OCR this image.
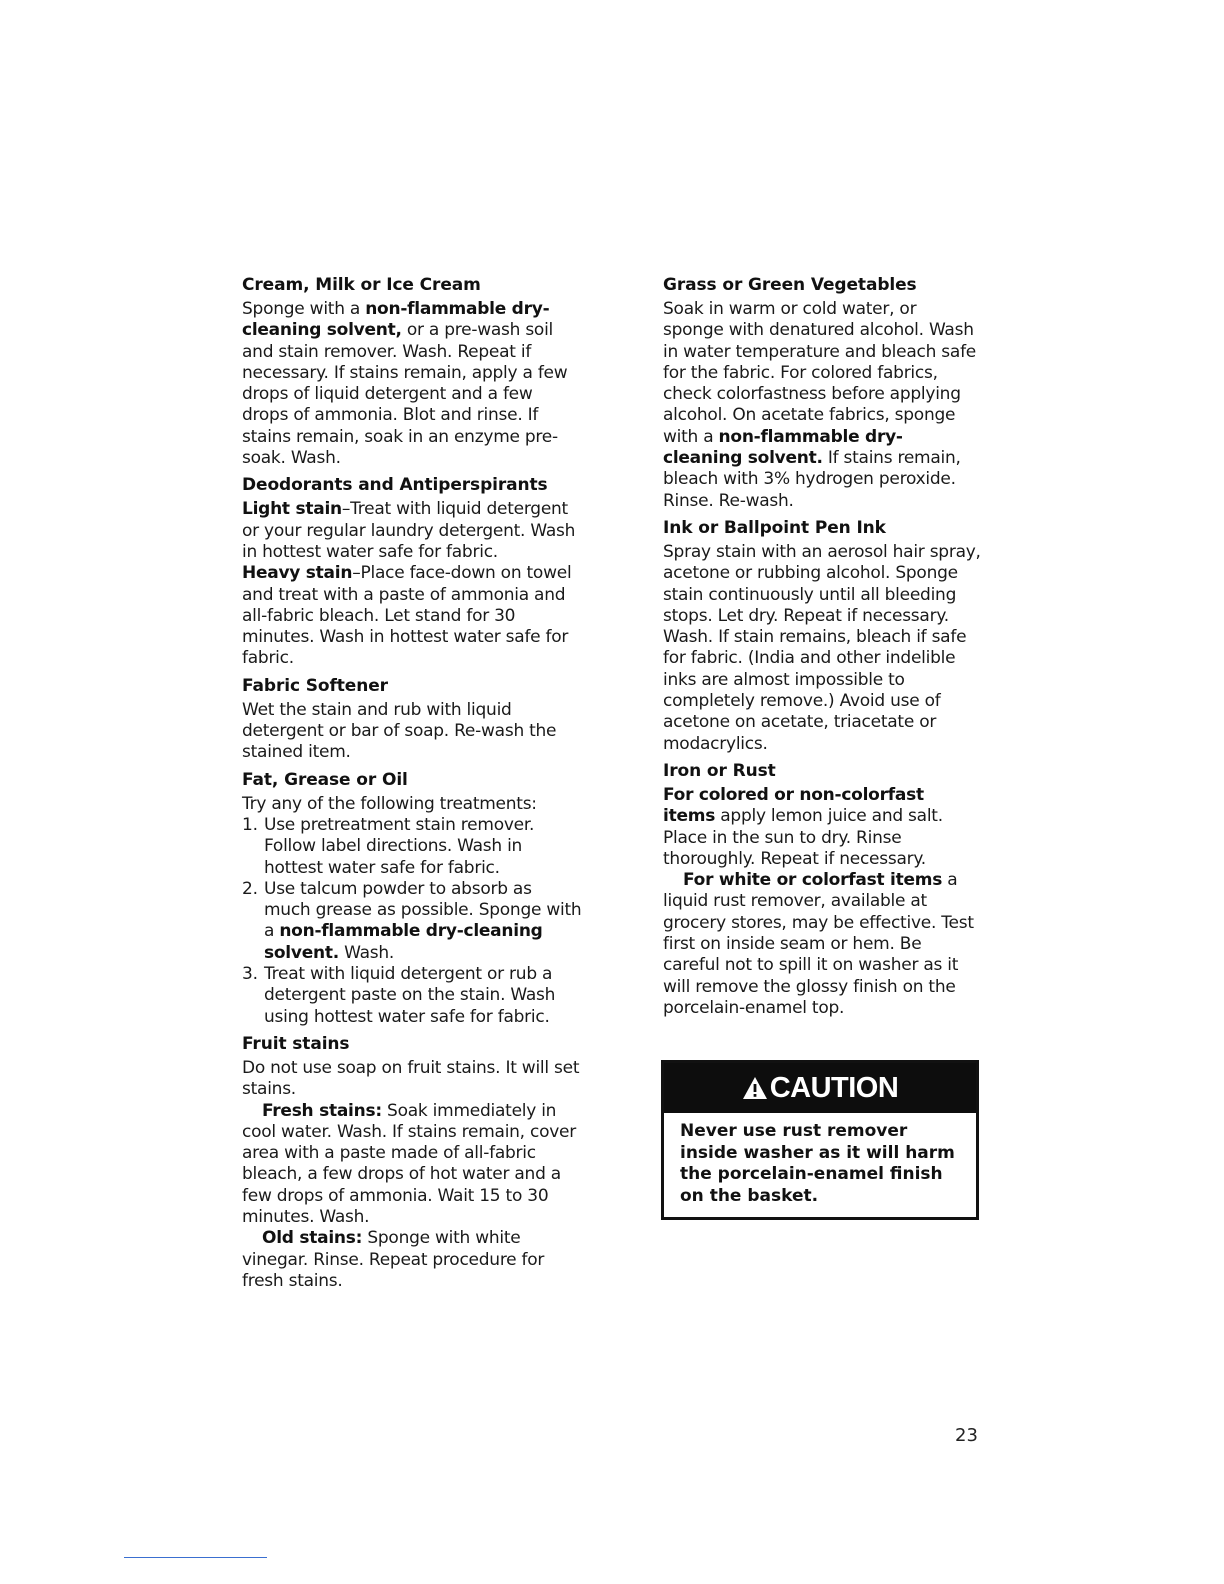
Cream, Milk or Ice Cream

Sponge with a non-flammable dry-cleaning solvent, or a pre-wash soil and stain remover. Wash. Repeat if necessary. If stains remain, apply a few drops of liquid detergent and a few drops of ammonia. Blot and rinse. If stains remain, soak in an enzyme pre-soak. Wash.

Deodorants and Antiperspirants

Light stain–Treat with liquid detergent or your regular laundry detergent. Wash in hottest water safe for fabric.

Heavy stain–Place face-down on towel and treat with a paste of ammonia and all-fabric bleach. Let stand for 30 minutes. Wash in hottest water safe for fabric.

Fabric Softener

Wet the stain and rub with liquid detergent or bar of soap. Re-wash the stained item.

Fat, Grease or Oil

Try any of the following treatments:

1. Use pretreatment stain remover. Follow label directions. Wash in hottest water safe for fabric.
2. Use talcum powder to absorb as much grease as possible. Sponge with a non-flammable dry-cleaning solvent. Wash.
3. Treat with liquid detergent or rub a detergent paste on the stain. Wash using hottest water safe for fabric.
Fruit stains

Do not use soap on fruit stains. It will set stains.

Fresh stains: Soak immediately in cool water. Wash. If stains remain, cover area with a paste made of all-fabric bleach, a few drops of hot water and a few drops of ammonia. Wait 15 to 30 minutes. Wash.

Old stains: Sponge with white vinegar. Rinse. Repeat procedure for fresh stains.

Grass or Green Vegetables

Soak in warm or cold water, or sponge with denatured alcohol. Wash in water temperature and bleach safe for the fabric. For colored fabrics, check colorfastness before applying alcohol. On acetate fabrics, sponge with a non-flammable dry-cleaning solvent. If stains remain, bleach with 3% hydrogen peroxide. Rinse. Re-wash.

Ink or Ballpoint Pen Ink

Spray stain with an aerosol hair spray, acetone or rubbing alcohol. Sponge stain continuously until all bleeding stops. Let dry. Repeat if necessary. Wash. If stain remains, bleach if safe for fabric. (India and other indelible inks are almost impossible to completely remove.) Avoid use of acetone on acetate, triacetate or modacrylics.

Iron or Rust

For colored or non-colorfast items apply lemon juice and salt. Place in the sun to dry. Rinse thoroughly. Repeat if necessary.

For white or colorfast items a liquid rust remover, available at grocery stores, may be effective. Test first on inside seam or hem. Be careful not to spill it on washer as it will remove the glossy finish on the porcelain-enamel top.

CAUTION
Never use rust remover inside washer as it will harm the porcelain-enamel finish on the basket.
23
